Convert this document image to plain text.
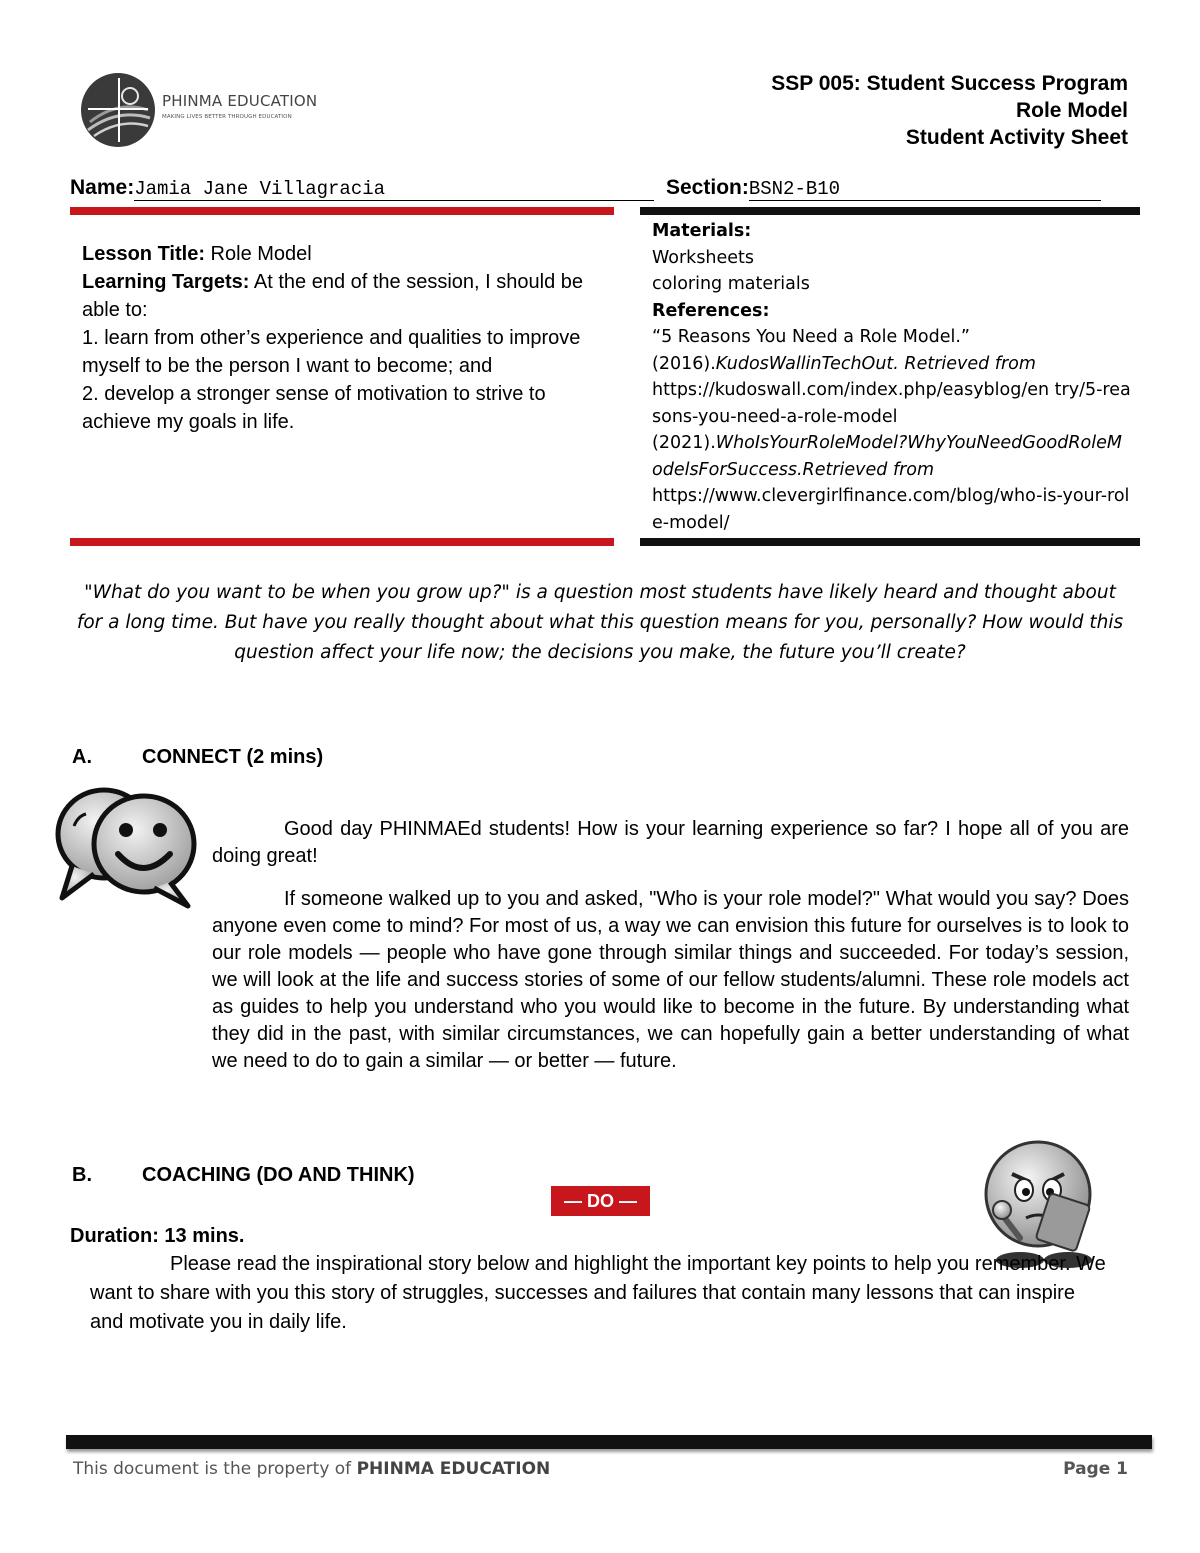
PHINMA EDUCATION
MAKING LIVES BETTER THROUGH EDUCATION
SSP 005: Student Success Program
Role Model
Student Activity Sheet
Name:Jamia Jane Villagracia	Section:BSN2-B10
Lesson Title: Role Model
Learning Targets: At the end of the session, I should be able to:
1. learn from other’s experience and qualities to improve myself to be the person I want to become; and
2. develop a stronger sense of motivation to strive to achieve my goals in life.
Materials:
Worksheets
coloring materials
References:
“5 Reasons You Need a Role Model.”
(2016).KudosWallinTechOut. Retrieved from
https://kudoswall.com/index.php/easyblog/en try/5-reasons-you-need-a-role-model
(2021).WhoIsYourRoleModel?WhyYouNeedGoodRoleModelsForSuccess.Retrieved from
https://www.clevergirlfinance.com/blog/who-is-your-role-model/
"What do you want to be when you grow up?" is a question most students have likely heard and thought about for a long time. But have you really thought about what this question means for you, personally? How would this question affect your life now; the decisions you make, the future you’ll create?
A.	CONNECT (2 mins)

Good day PHINMAEd students! How is your learning experience so far? I hope all of you are doing great!

If someone walked up to you and asked, "Who is your role model?" What would you say? Does anyone even come to mind? For most of us, a way we can envision this future for ourselves is to look to our role models — people who have gone through similar things and succeeded. For today’s session, we will look at the life and success stories of some of our fellow students/alumni. These role models act as guides to help you understand who you would like to become in the future. By understanding what they did in the past, with similar circumstances, we can hopefully gain a better understanding of what we need to do to gain a similar — or better — future.

B.	COACHING (DO AND THINK)
— DO —
Duration: 13 mins.
Please read the inspirational story below and highlight the important key points to help you remember. We want to share with you this story of struggles, successes and failures that contain many lessons that can inspire and motivate you in daily life.
This document is the property of PHINMA EDUCATION	Page 1
